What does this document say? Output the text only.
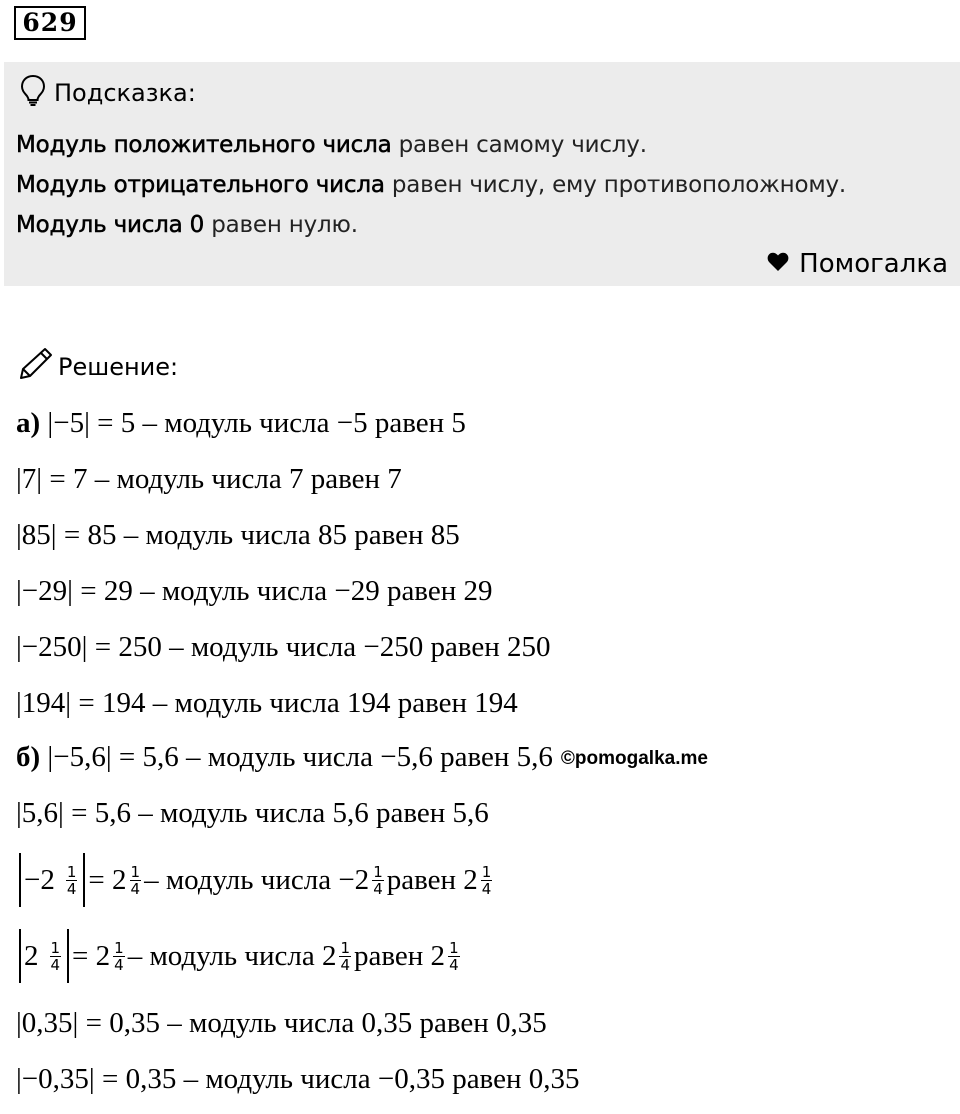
629
Подсказка:
Модуль положительного числа равен самому числу.
Модуль отрицательного числа равен числу, ему противоположному.
Модуль числа 0 равен нулю.
Помогалка
Решение:
а) |−5| = 5 – модуль числа −5 равен 5
|7| = 7 – модуль числа 7 равен 7
|85| = 85 – модуль числа 85 равен 85
|−29| = 29 – модуль числа −29 равен 29
|−250| = 250 – модуль числа −250 равен 250
|194| = 194 – модуль числа 194 равен 194
б) |−5,6| = 5,6 – модуль числа −5,6 равен 5,6 ©pomogalka.me
|5,6| = 5,6 – модуль числа 5,6 равен 5,6
$-2 \frac{1}{4} = 2 \frac{1}{4}$ – модуль числа $-2 \frac{1}{4}$ равен $2 \frac{1}{4}$
$2 \frac{1}{4} = 2 \frac{1}{4}$ – модуль числа $2 \frac{1}{4}$ равен $2 \frac{1}{4}$
|0,35| = 0,35 – модуль числа 0,35 равен 0,35
|−0,35| = 0,35 – модуль числа −0,35 равен 0,35
